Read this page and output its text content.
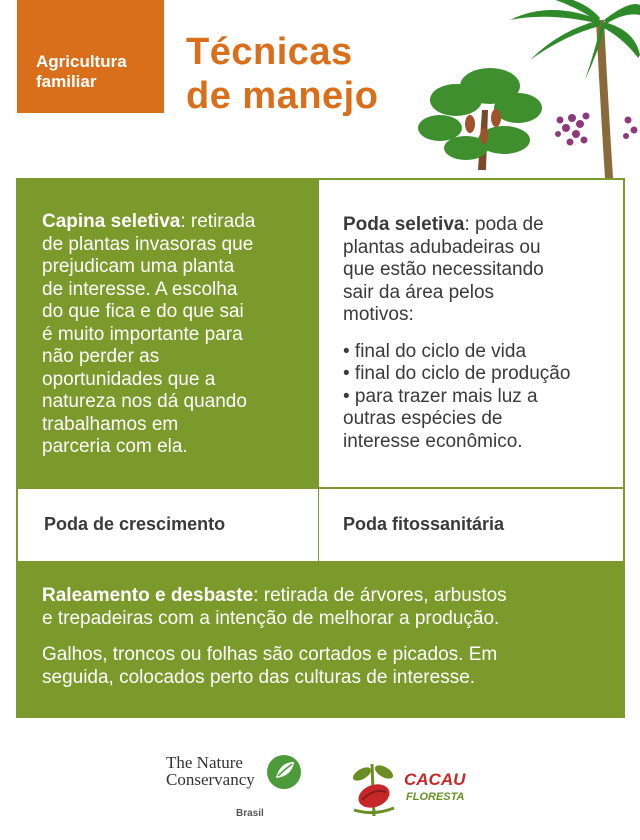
Agricultura
familiar
Técnicas
de manejo

Capina seletiva: retirada
de plantas invasoras que
prejudicam uma planta
de interesse. A escolha
do que fica e do que sai
é muito importante para
não perder as
oportunidades que a
natureza nos dá quando
trabalhamos em
parceria com ela.

Poda seletiva: poda de
plantas adubadeiras ou
que estão necessitando
sair da área pelos
motivos:

• final do ciclo de vida
• final do ciclo de produção
• para trazer mais luz a
outras espécies de
interesse econômico.
Poda de crescimento	Poda fitossanitária

Raleamento e desbaste: retirada de árvores, arbustos
e trepadeiras com a intenção de melhorar a produção.

Galhos, troncos ou folhas são cortados e picados. Em
seguida, colocados perto das culturas de interesse.

The Nature
Conservancy
Brasil
CACAU
FLORESTA
